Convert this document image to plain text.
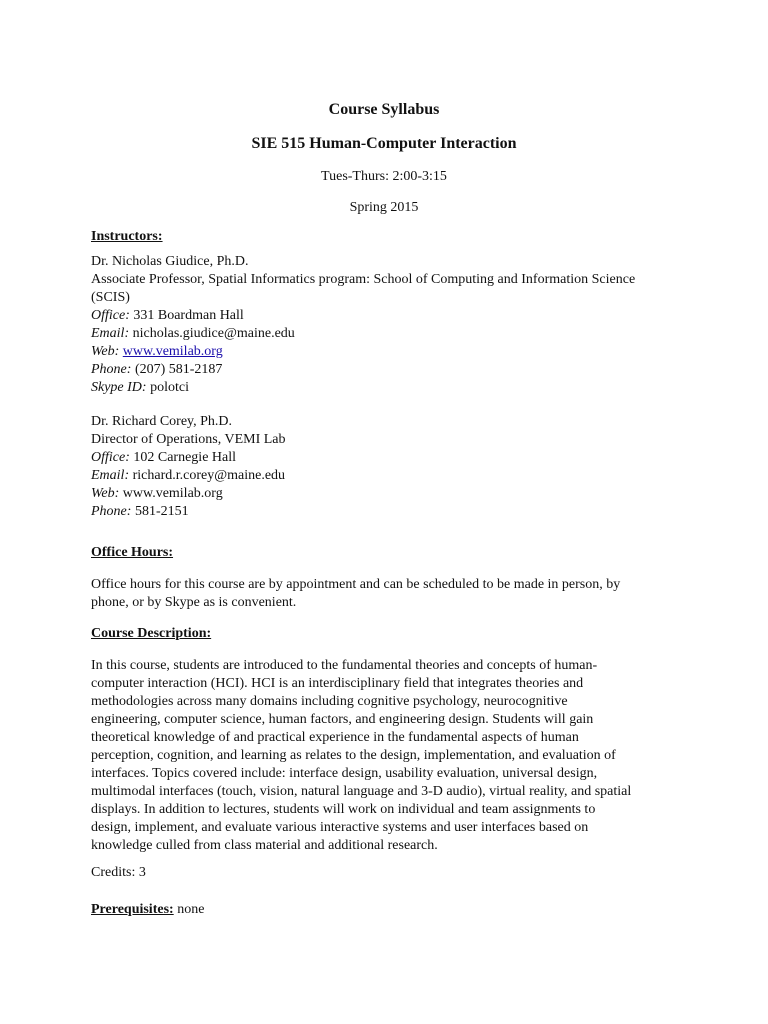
Course Syllabus
SIE 515 Human-Computer Interaction
Tues-Thurs: 2:00-3:15
Spring 2015

Instructors:

Dr. Nicholas Giudice, Ph.D.

Associate Professor, Spatial Informatics program: School of Computing and Information Science

(SCIS)

Office: 331 Boardman Hall

Email: nicholas.giudice@maine.edu

Web: www.vemilab.org

Phone: (207) 581-2187

Skype ID: polotci

Dr. Richard Corey, Ph.D.

Director of Operations, VEMI Lab

Office: 102 Carnegie Hall

Email: richard.r.corey@maine.edu

Web: www.vemilab.org

Phone: 581-2151

Office Hours:

Office hours for this course are by appointment and can be scheduled to be made in person, by

phone, or by Skype as is convenient.

Course Description:

In this course, students are introduced to the fundamental theories and concepts of human-

computer interaction (HCI). HCI is an interdisciplinary field that integrates theories and

methodologies across many domains including cognitive psychology, neurocognitive

engineering, computer science, human factors, and engineering design. Students will gain

theoretical knowledge of and practical experience in the fundamental aspects of human

perception, cognition, and learning as relates to the design, implementation, and evaluation of

interfaces. Topics covered include: interface design, usability evaluation, universal design,

multimodal interfaces (touch, vision, natural language and 3-D audio), virtual reality, and spatial

displays. In addition to lectures, students will work on individual and team assignments to

design, implement, and evaluate various interactive systems and user interfaces based on

knowledge culled from class material and additional research.

Credits: 3

Prerequisites: none
